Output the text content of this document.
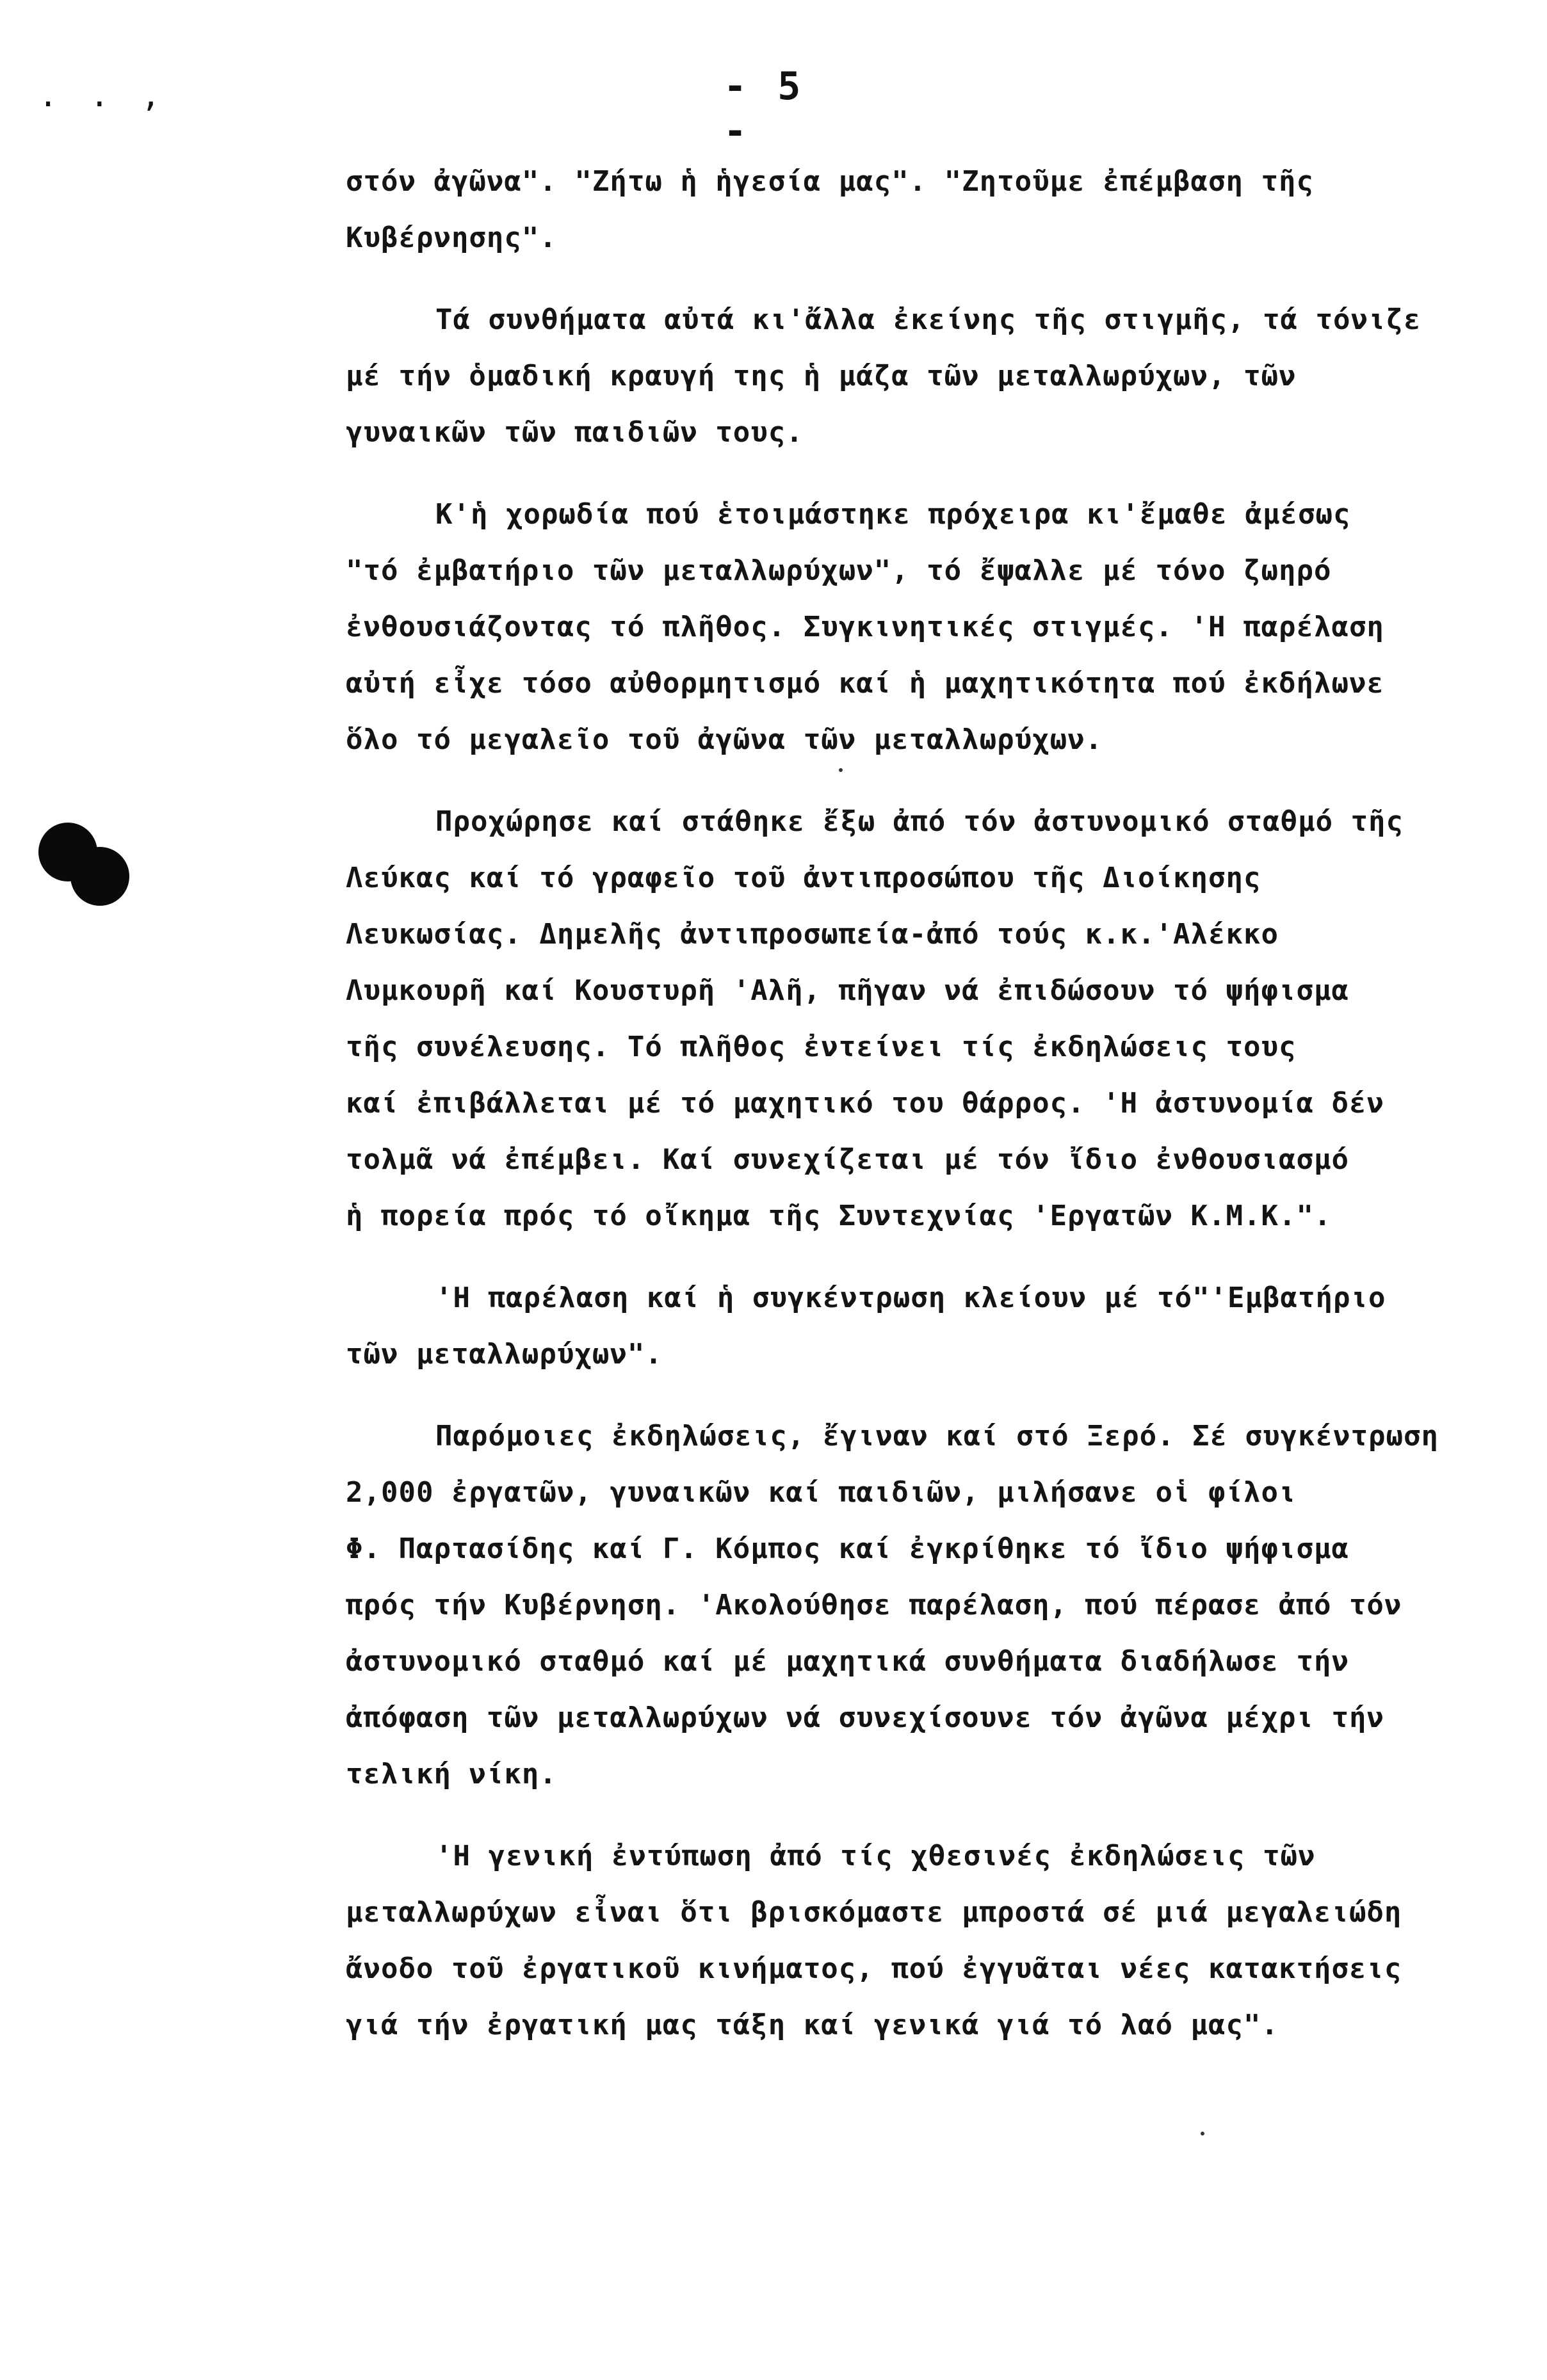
. . ,	- 5 -

στόν ἀγῶνα". "Ζήτω ἡ ἡγεσία μας". "Ζητοῦμε ἐπέμβαση τῆς
Κυβέρνησης".

Τά συνθήματα αὐτά κι'ἄλλα ἐκείνης τῆς στιγμῆς, τά τόνιζε
μέ τήν ὁμαδική κραυγή της ἡ μάζα τῶν μεταλλωρύχων, τῶν
γυναικῶν τῶν παιδιῶν τους.

Κ'ἡ χορωδία πού ἑτοιμάστηκε πρόχειρα κι'ἔμαθε ἀμέσως
"τό ἐμβατήριο τῶν μεταλλωρύχων", τό ἔψαλλε μέ τόνο ζωηρό
ἐνθουσιάζοντας τό πλῆθος. Συγκινητικές στιγμές. 'Η παρέλαση
αὐτή εἶχε τόσο αὐθορμητισμό καί ἡ μαχητικότητα πού ἐκδήλωνε
ὅλο τό μεγαλεῖο τοῦ ἀγῶνα τῶν μεταλλωρύχων.

Προχώρησε καί στάθηκε ἔξω ἀπό τόν ἀστυνομικό σταθμό τῆς
Λεύκας καί τό γραφεῖο τοῦ ἀντιπροσώπου τῆς Διοίκησης
Λευκωσίας. Δημελῆς ἀντιπροσωπεία-ἀπό τούς κ.κ.'Αλέκκο
Λυμκουρῆ καί Κουστυρῆ 'Αλῆ, πῆγαν νά ἐπιδώσουν τό ψήφισμα
τῆς συνέλευσης. Τό πλῆθος ἐντείνει τίς ἐκδηλώσεις τους
καί ἐπιβάλλεται μέ τό μαχητικό του θάρρος. 'Η ἀστυνομία δέν
τολμᾶ νά ἐπέμβει. Καί συνεχίζεται μέ τόν ἴδιο ἐνθουσιασμό
ἡ πορεία πρός τό οἴκημα τῆς Συντεχνίας 'Εργατῶν Κ.Μ.Κ.".

'Η παρέλαση καί ἡ συγκέντρωση κλείουν μέ τό"'Εμβατήριο
τῶν μεταλλωρύχων".

Παρόμοιες ἐκδηλώσεις, ἔγιναν καί στό Ξερό. Σέ συγκέντρωση
2,000 ἐργατῶν, γυναικῶν καί παιδιῶν, μιλήσανε οἱ φίλοι
Φ. Παρτασίδης καί Γ. Κόμπος καί ἐγκρίθηκε τό ἴδιο ψήφισμα
πρός τήν Κυβέρνηση. 'Ακολούθησε παρέλαση, πού πέρασε ἀπό τόν
ἀστυνομικό σταθμό καί μέ μαχητικά συνθήματα διαδήλωσε τήν
ἀπόφαση τῶν μεταλλωρύχων νά συνεχίσουνε τόν ἀγῶνα μέχρι τήν
τελική νίκη.

'Η γενική ἐντύπωση ἀπό τίς χθεσινές ἐκδηλώσεις τῶν
μεταλλωρύχων εἶναι ὅτι βρισκόμαστε μπροστά σέ μιά μεγαλειώδη
ἄνοδο τοῦ ἐργατικοῦ κινήματος, πού ἐγγυᾶται νέες κατακτήσεις
γιά τήν ἐργατική μας τάξη καί γενικά γιά τό λαό μας".
